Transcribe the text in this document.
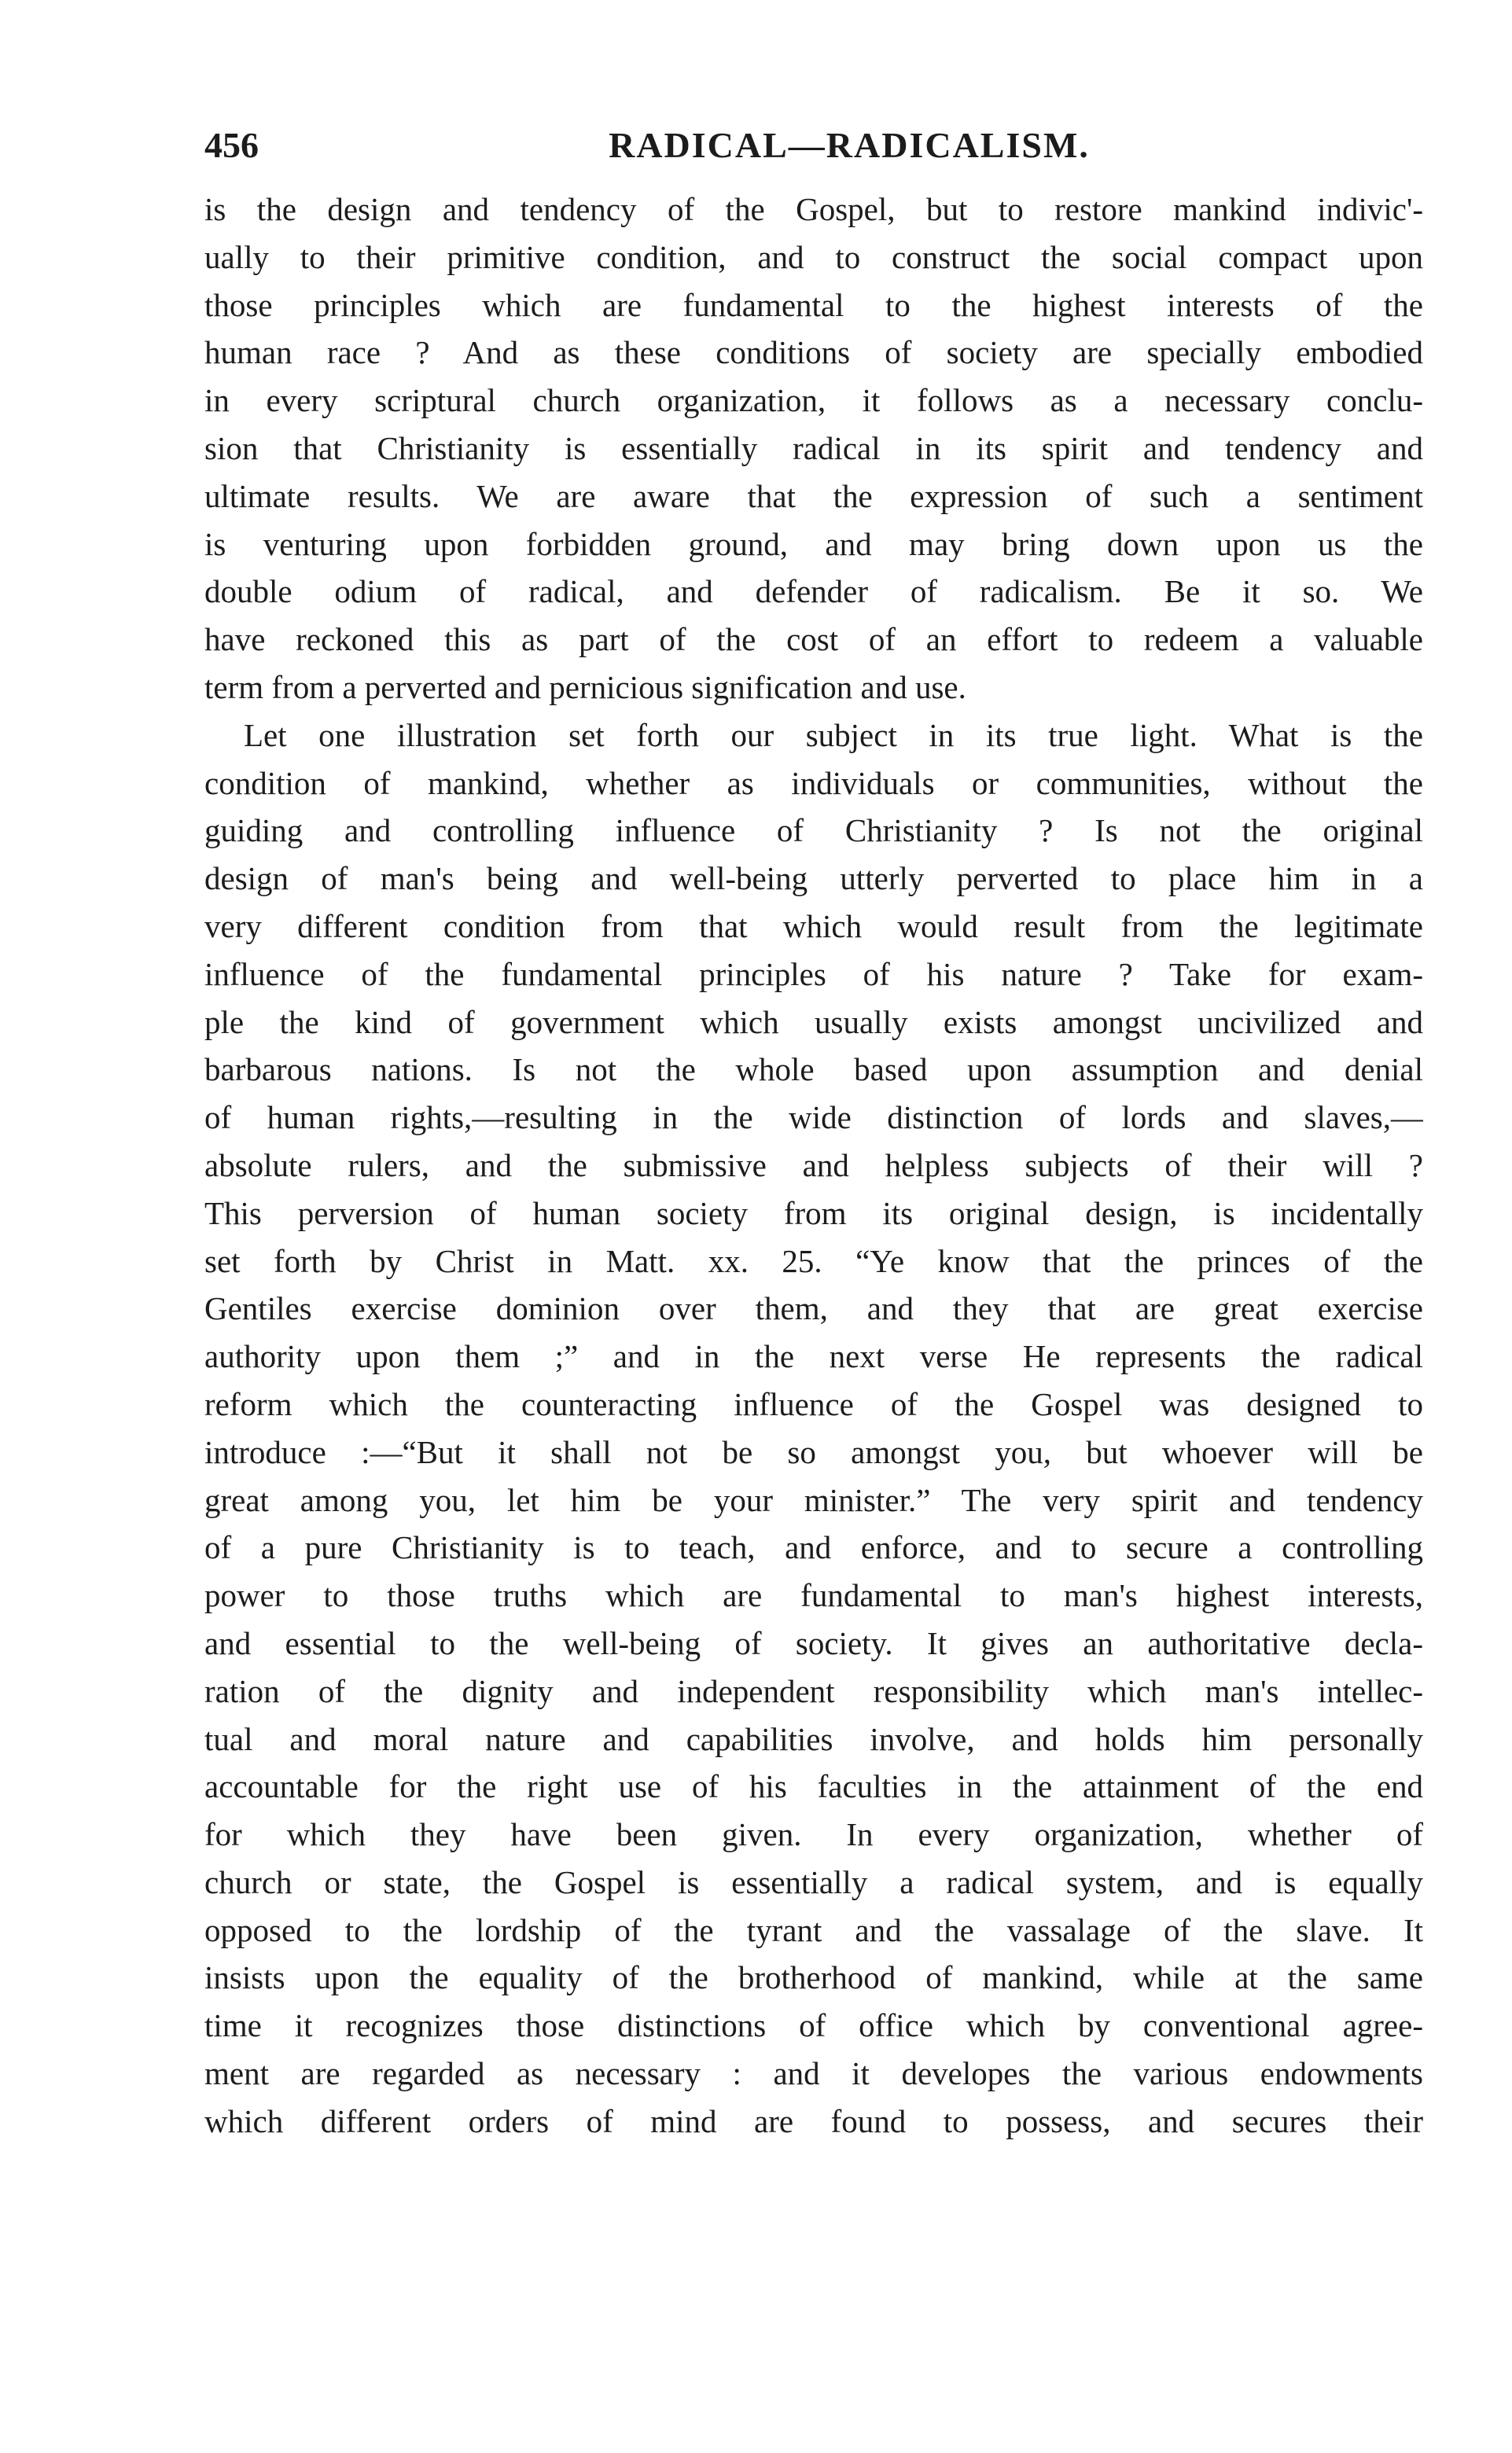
456	RADICAL—RADICALISM.
is the design and tendency of the Gospel, but to restore mankind indivic'-
ually to their primitive condition, and to construct the social compact upon
those principles which are fundamental to the highest interests of the
human race ? And as these conditions of society are specially embodied
in every scriptural church organization, it follows as a necessary conclu-
sion that Christianity is essentially radical in its spirit and tendency and
ultimate results. We are aware that the expression of such a sentiment
is venturing upon forbidden ground, and may bring down upon us the
double odium of radical, and defender of radicalism. Be it so. We
have reckoned this as part of the cost of an effort to redeem a valuable
term from a perverted and pernicious signification and use.
Let one illustration set forth our subject in its true light. What is the
condition of mankind, whether as individuals or communities, without the
guiding and controlling influence of Christianity ? Is not the original
design of man's being and well-being utterly perverted to place him in a
very different condition from that which would result from the legitimate
influence of the fundamental principles of his nature ? Take for exam-
ple the kind of government which usually exists amongst uncivilized and
barbarous nations. Is not the whole based upon assumption and denial
of human rights,—resulting in the wide distinction of lords and slaves,—
absolute rulers, and the submissive and helpless subjects of their will ?
This perversion of human society from its original design, is incidentally
set forth by Christ in Matt. xx. 25. “Ye know that the princes of the
Gentiles exercise dominion over them, and they that are great exercise
authority upon them ;” and in the next verse He represents the radical
reform which the counteracting influence of the Gospel was designed to
introduce :—“But it shall not be so amongst you, but whoever will be
great among you, let him be your minister.” The very spirit and tendency
of a pure Christianity is to teach, and enforce, and to secure a controlling
power to those truths which are fundamental to man's highest interests,
and essential to the well-being of society. It gives an authoritative decla-
ration of the dignity and independent responsibility which man's intellec-
tual and moral nature and capabilities involve, and holds him personally
accountable for the right use of his faculties in the attainment of the end
for which they have been given. In every organization, whether of
church or state, the Gospel is essentially a radical system, and is equally
opposed to the lordship of the tyrant and the vassalage of the slave. It
insists upon the equality of the brotherhood of mankind, while at the same
time it recognizes those distinctions of office which by conventional agree-
ment are regarded as necessary : and it developes the various endowments
which different orders of mind are found to possess, and secures their
